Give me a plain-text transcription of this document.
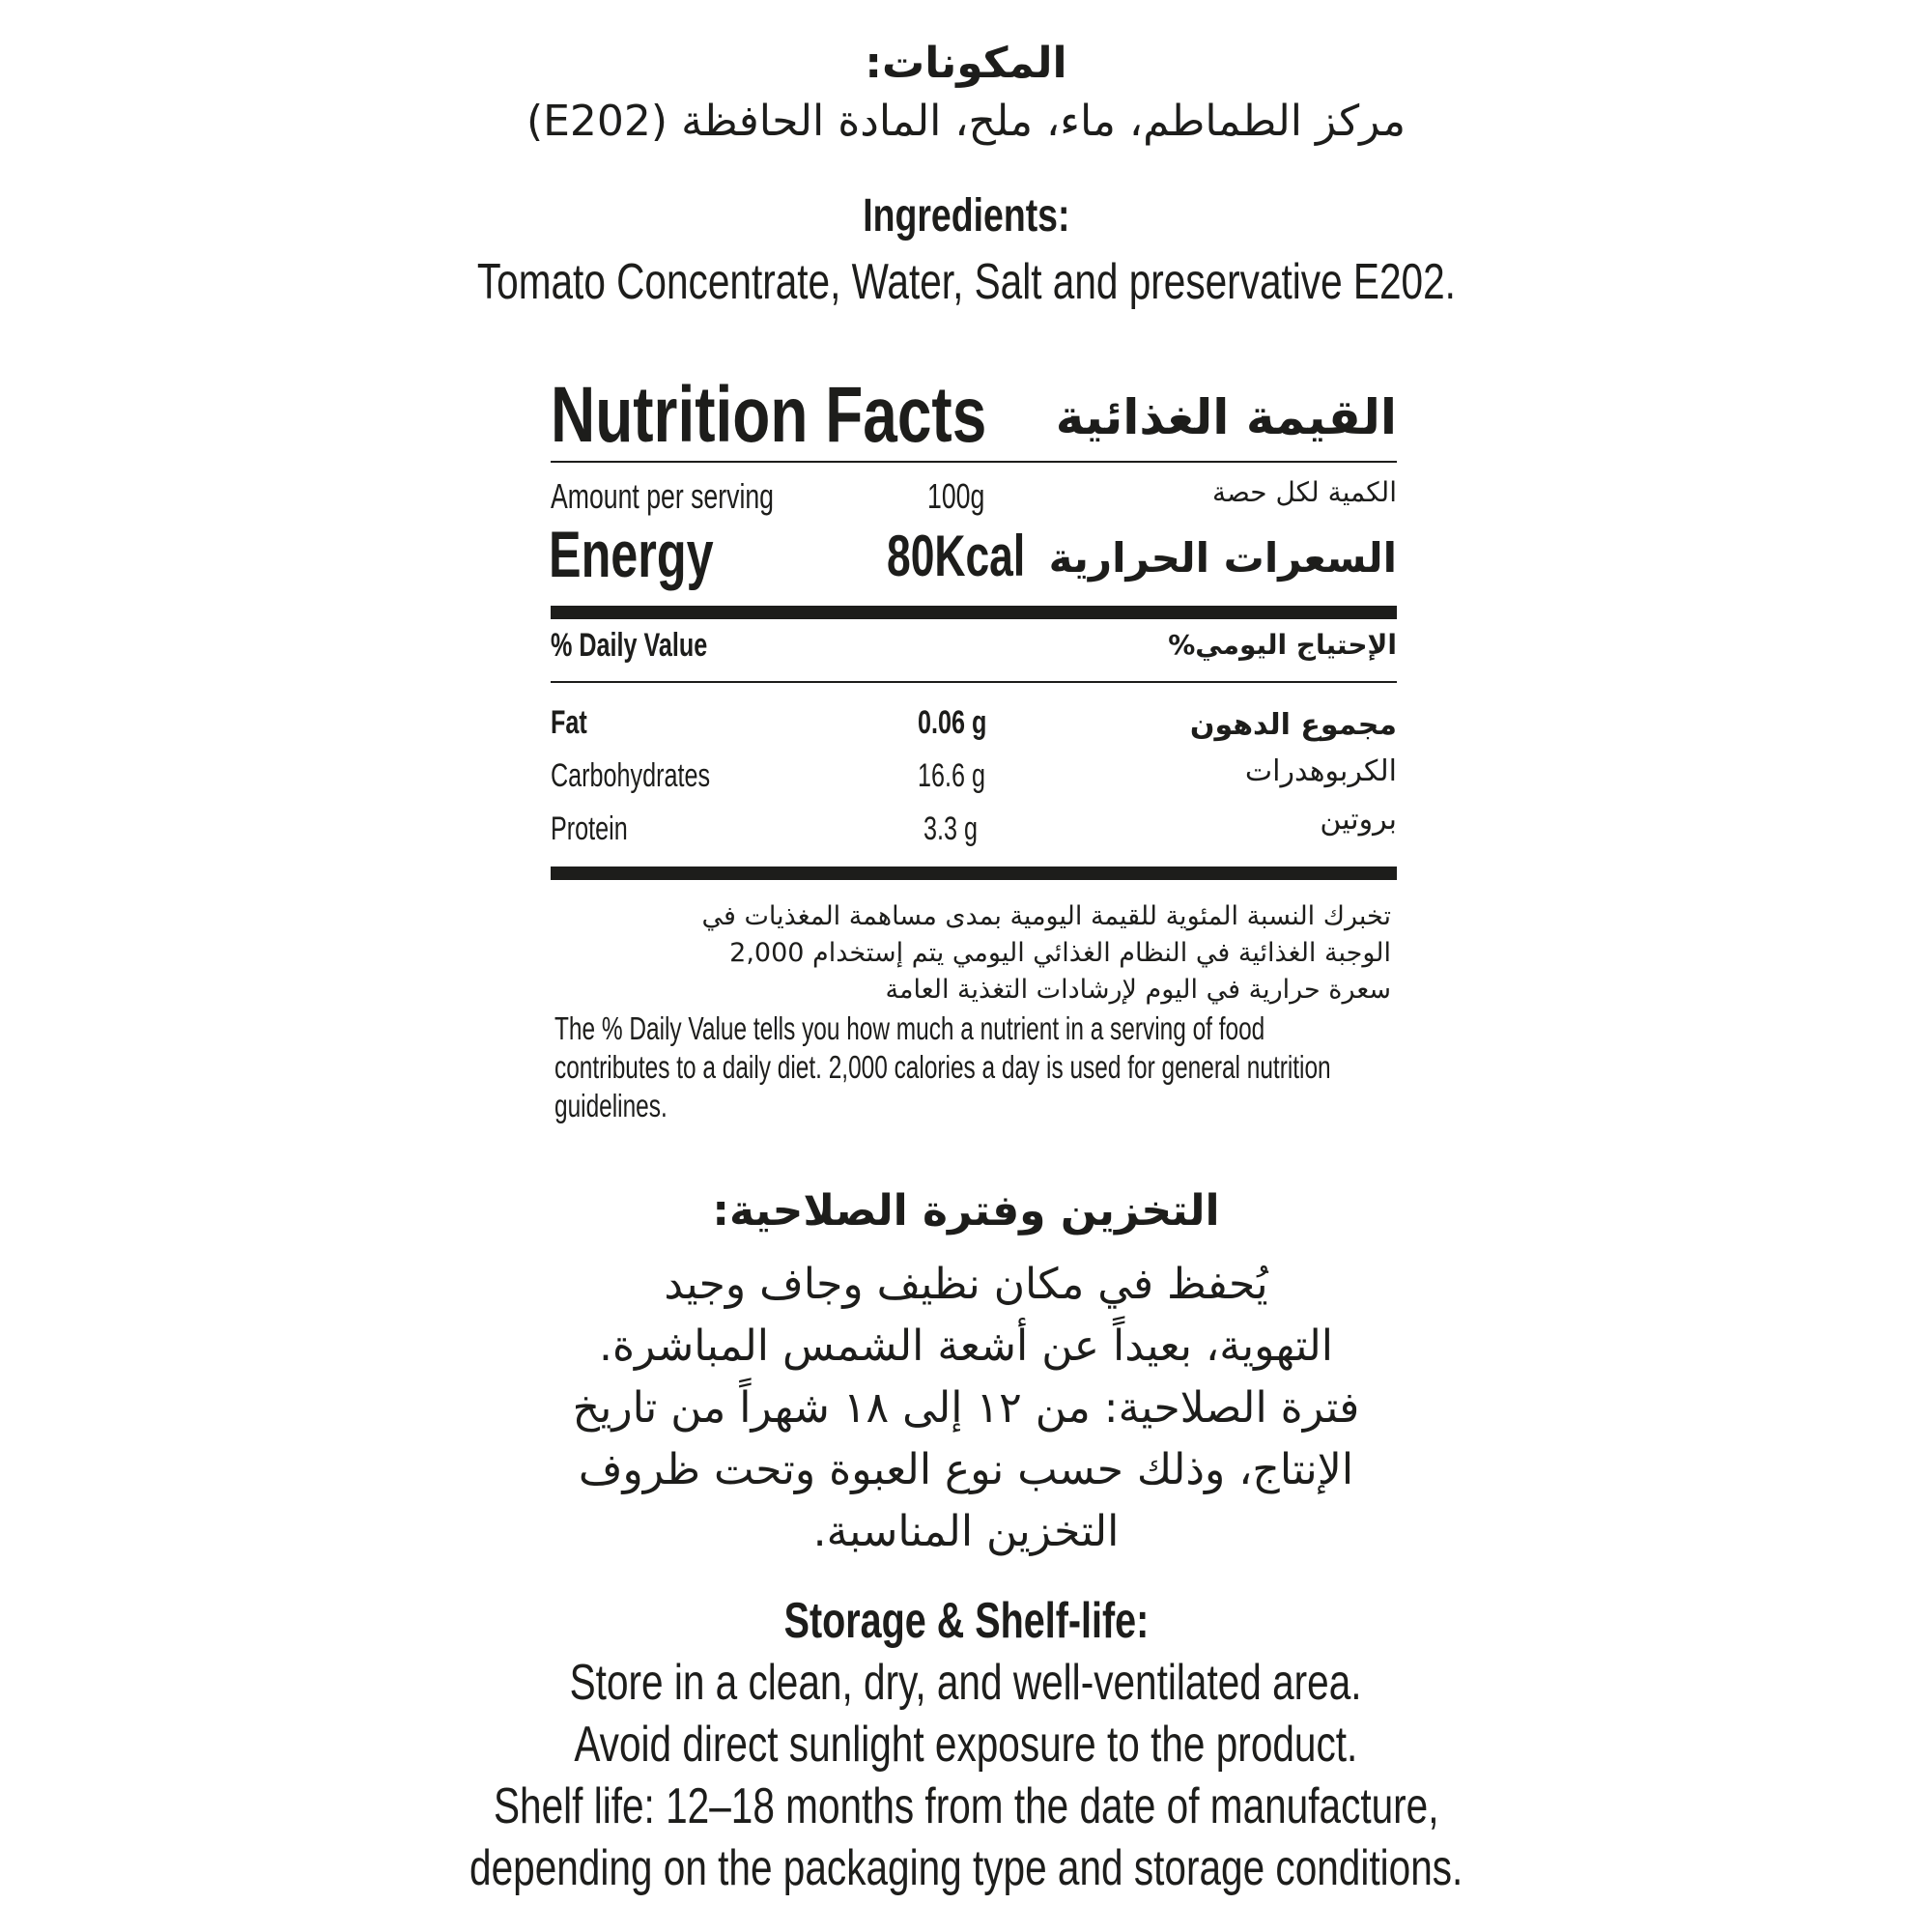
المكونات:
مركز الطماطم، ماء، ملح، المادة الحافظة (E202)
Ingredients:
Tomato Concentrate, Water, Salt and preservative E202.
Nutrition Facts	القيمة الغذائية
Amount per serving	100g	الكمية لكل حصة
Energy	80Kcal السعرات الحرارية
% Daily Value	الإحتياج اليومي%
Fat	0.06 g	مجموع الدهون
Carbohydrates	16.6 g	الكربوهدرات
Protein	3.3 g	بروتين
تخبرك النسبة المئوية للقيمة اليومية بمدى مساهمة المغذيات في
الوجبة الغذائية في النظام الغذائي اليومي يتم إستخدام 2,000
سعرة حرارية في اليوم لإرشادات التغذية العامة
The % Daily Value tells you how much a nutrient in a serving of food
contributes to a daily diet. 2,000 calories a day is used for general nutrition
guidelines.
التخزين وفترة الصلاحية:
يُحفظ في مكان نظيف وجاف وجيد
التهوية، بعيداً عن أشعة الشمس المباشرة.
فترة الصلاحية: من ١٢ إلى ١٨ شهراً من تاريخ
الإنتاج، وذلك حسب نوع العبوة وتحت ظروف
التخزين المناسبة.
Storage & Shelf-life:
Store in a clean, dry, and well-ventilated area.
Avoid direct sunlight exposure to the product.
Shelf life: 12–18 months from the date of manufacture,
depending on the packaging type and storage conditions.
